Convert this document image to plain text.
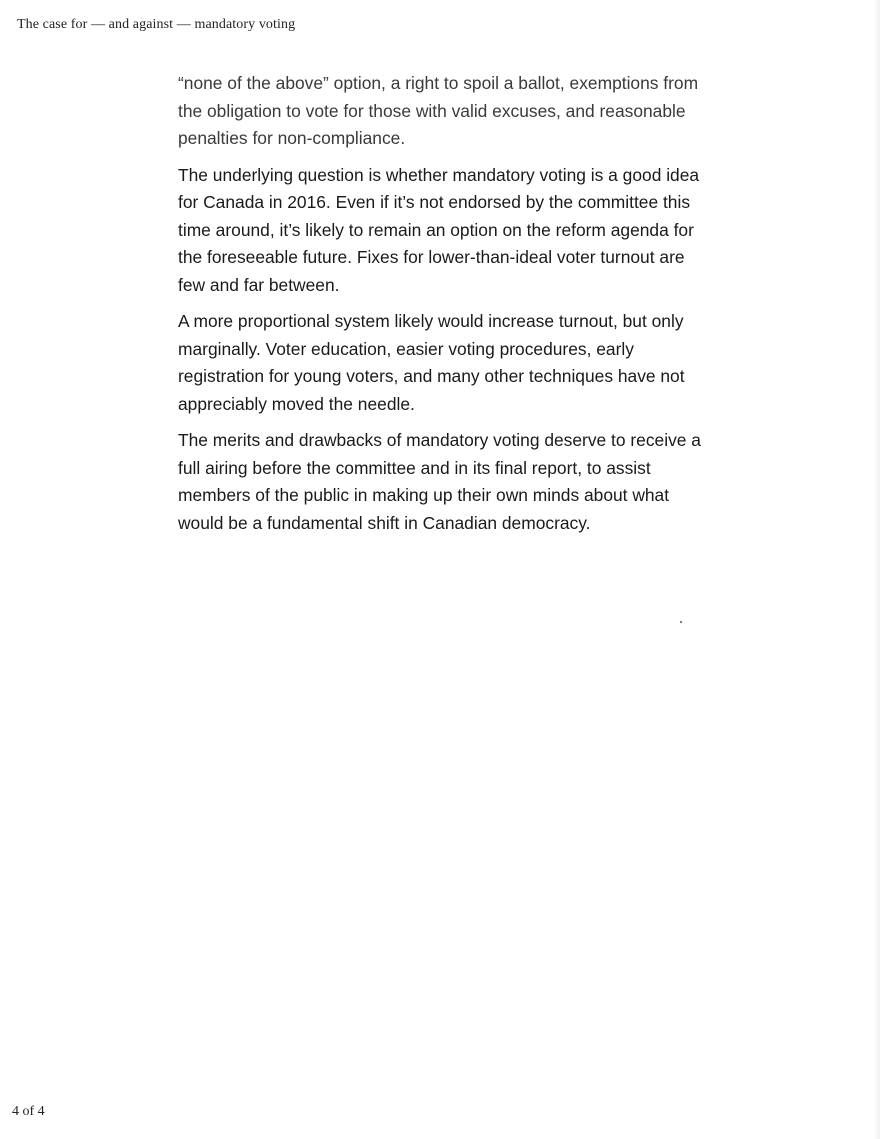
The case for — and against — mandatory voting

“none of the above” option, a right to spoil a ballot, exemptions from the obligation to vote for those with valid excuses, and reasonable penalties for non-compliance.

The underlying question is whether mandatory voting is a good idea for Canada in 2016. Even if it’s not endorsed by the committee this time around, it’s likely to remain an option on the reform agenda for the foreseeable future. Fixes for lower-than-ideal voter turnout are few and far between.

A more proportional system likely would increase turnout, but only marginally. Voter education, easier voting procedures, early registration for young voters, and many other techniques have not appreciably moved the needle.

The merits and drawbacks of mandatory voting deserve to receive a full airing before the committee and in its final report, to assist members of the public in making up their own minds about what would be a fundamental shift in Canadian democracy.

4 of 4
